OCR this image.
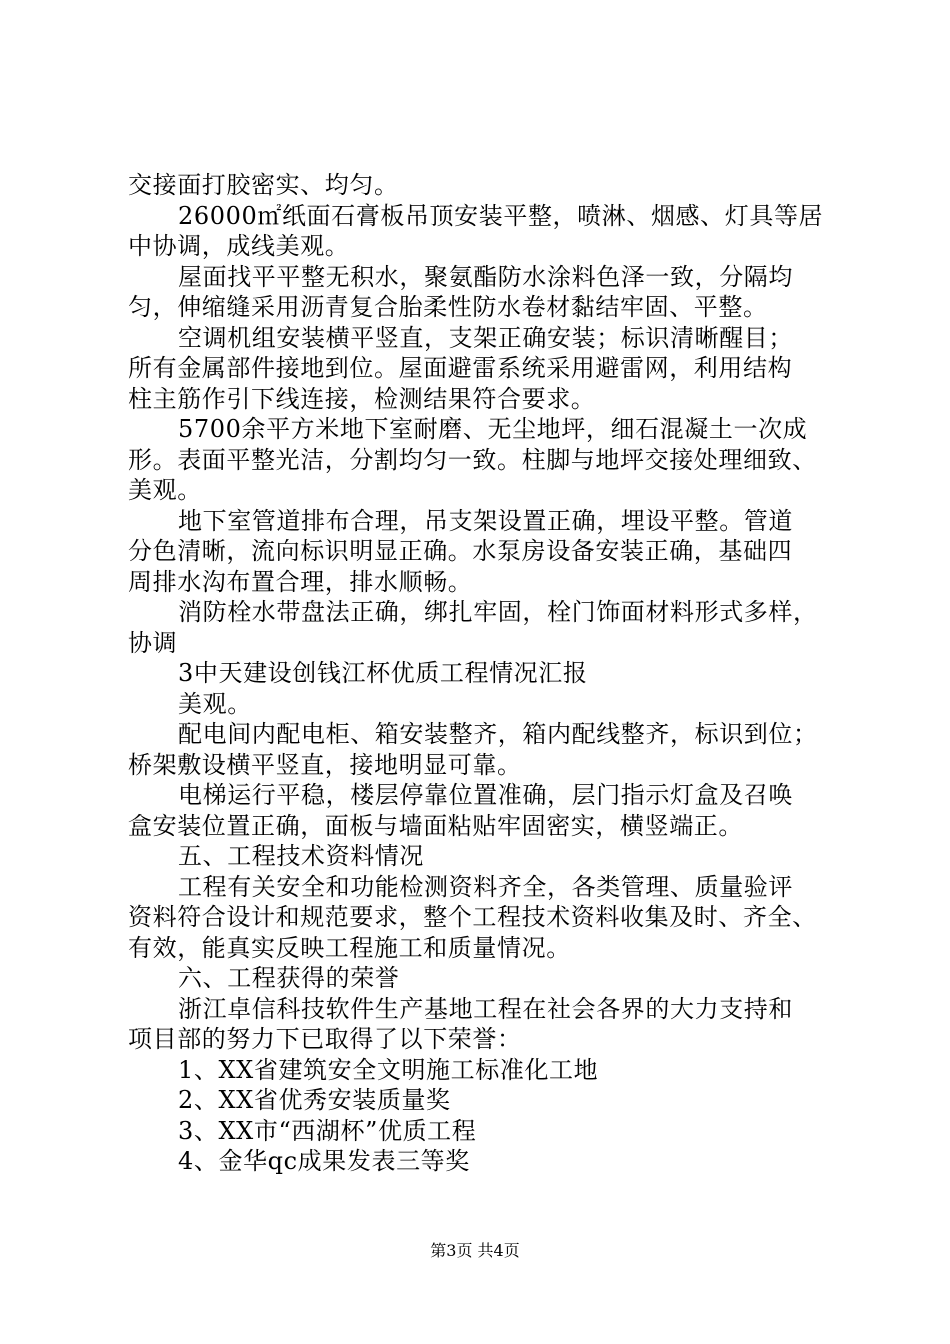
交接面打胶密实、均匀。
26000㎡纸面石膏板吊顶安装平整，喷淋、烟感、灯具等居
中协调，成线美观。
屋面找平平整无积水，聚氨酯防水涂料色泽一致，分隔均
匀，伸缩缝采用沥青复合胎柔性防水卷材黏结牢固、平整。
空调机组安装横平竖直，支架正确安装；标识清晰醒目；
所有金属部件接地到位。屋面避雷系统采用避雷网，利用结构
柱主筋作引下线连接，检测结果符合要求。
5700余平方米地下室耐磨、无尘地坪，细石混凝土一次成
形。表面平整光洁，分割均匀一致。柱脚与地坪交接处理细致、
美观。
地下室管道排布合理，吊支架设置正确，埋设平整。管道
分色清晰，流向标识明显正确。水泵房设备安装正确，基础四
周排水沟布置合理，排水顺畅。
消防栓水带盘法正确，绑扎牢固，栓门饰面材料形式多样，
协调
3中天建设创钱江杯优质工程情况汇报
美观。
配电间内配电柜、箱安装整齐，箱内配线整齐，标识到位；
桥架敷设横平竖直，接地明显可靠。
电梯运行平稳，楼层停靠位置准确，层门指示灯盒及召唤
盒安装位置正确，面板与墙面粘贴牢固密实，横竖端正。
五、工程技术资料情况
工程有关安全和功能检测资料齐全，各类管理、质量验评
资料符合设计和规范要求，整个工程技术资料收集及时、齐全、
有效，能真实反映工程施工和质量情况。
六、工程获得的荣誉
浙江卓信科技软件生产基地工程在社会各界的大力支持和
项目部的努力下已取得了以下荣誉：
1、XX省建筑安全文明施工标准化工地
2、XX省优秀安装质量奖
3、XX市“西湖杯”优质工程
4、金华qc成果发表三等奖
第3页 共4页
